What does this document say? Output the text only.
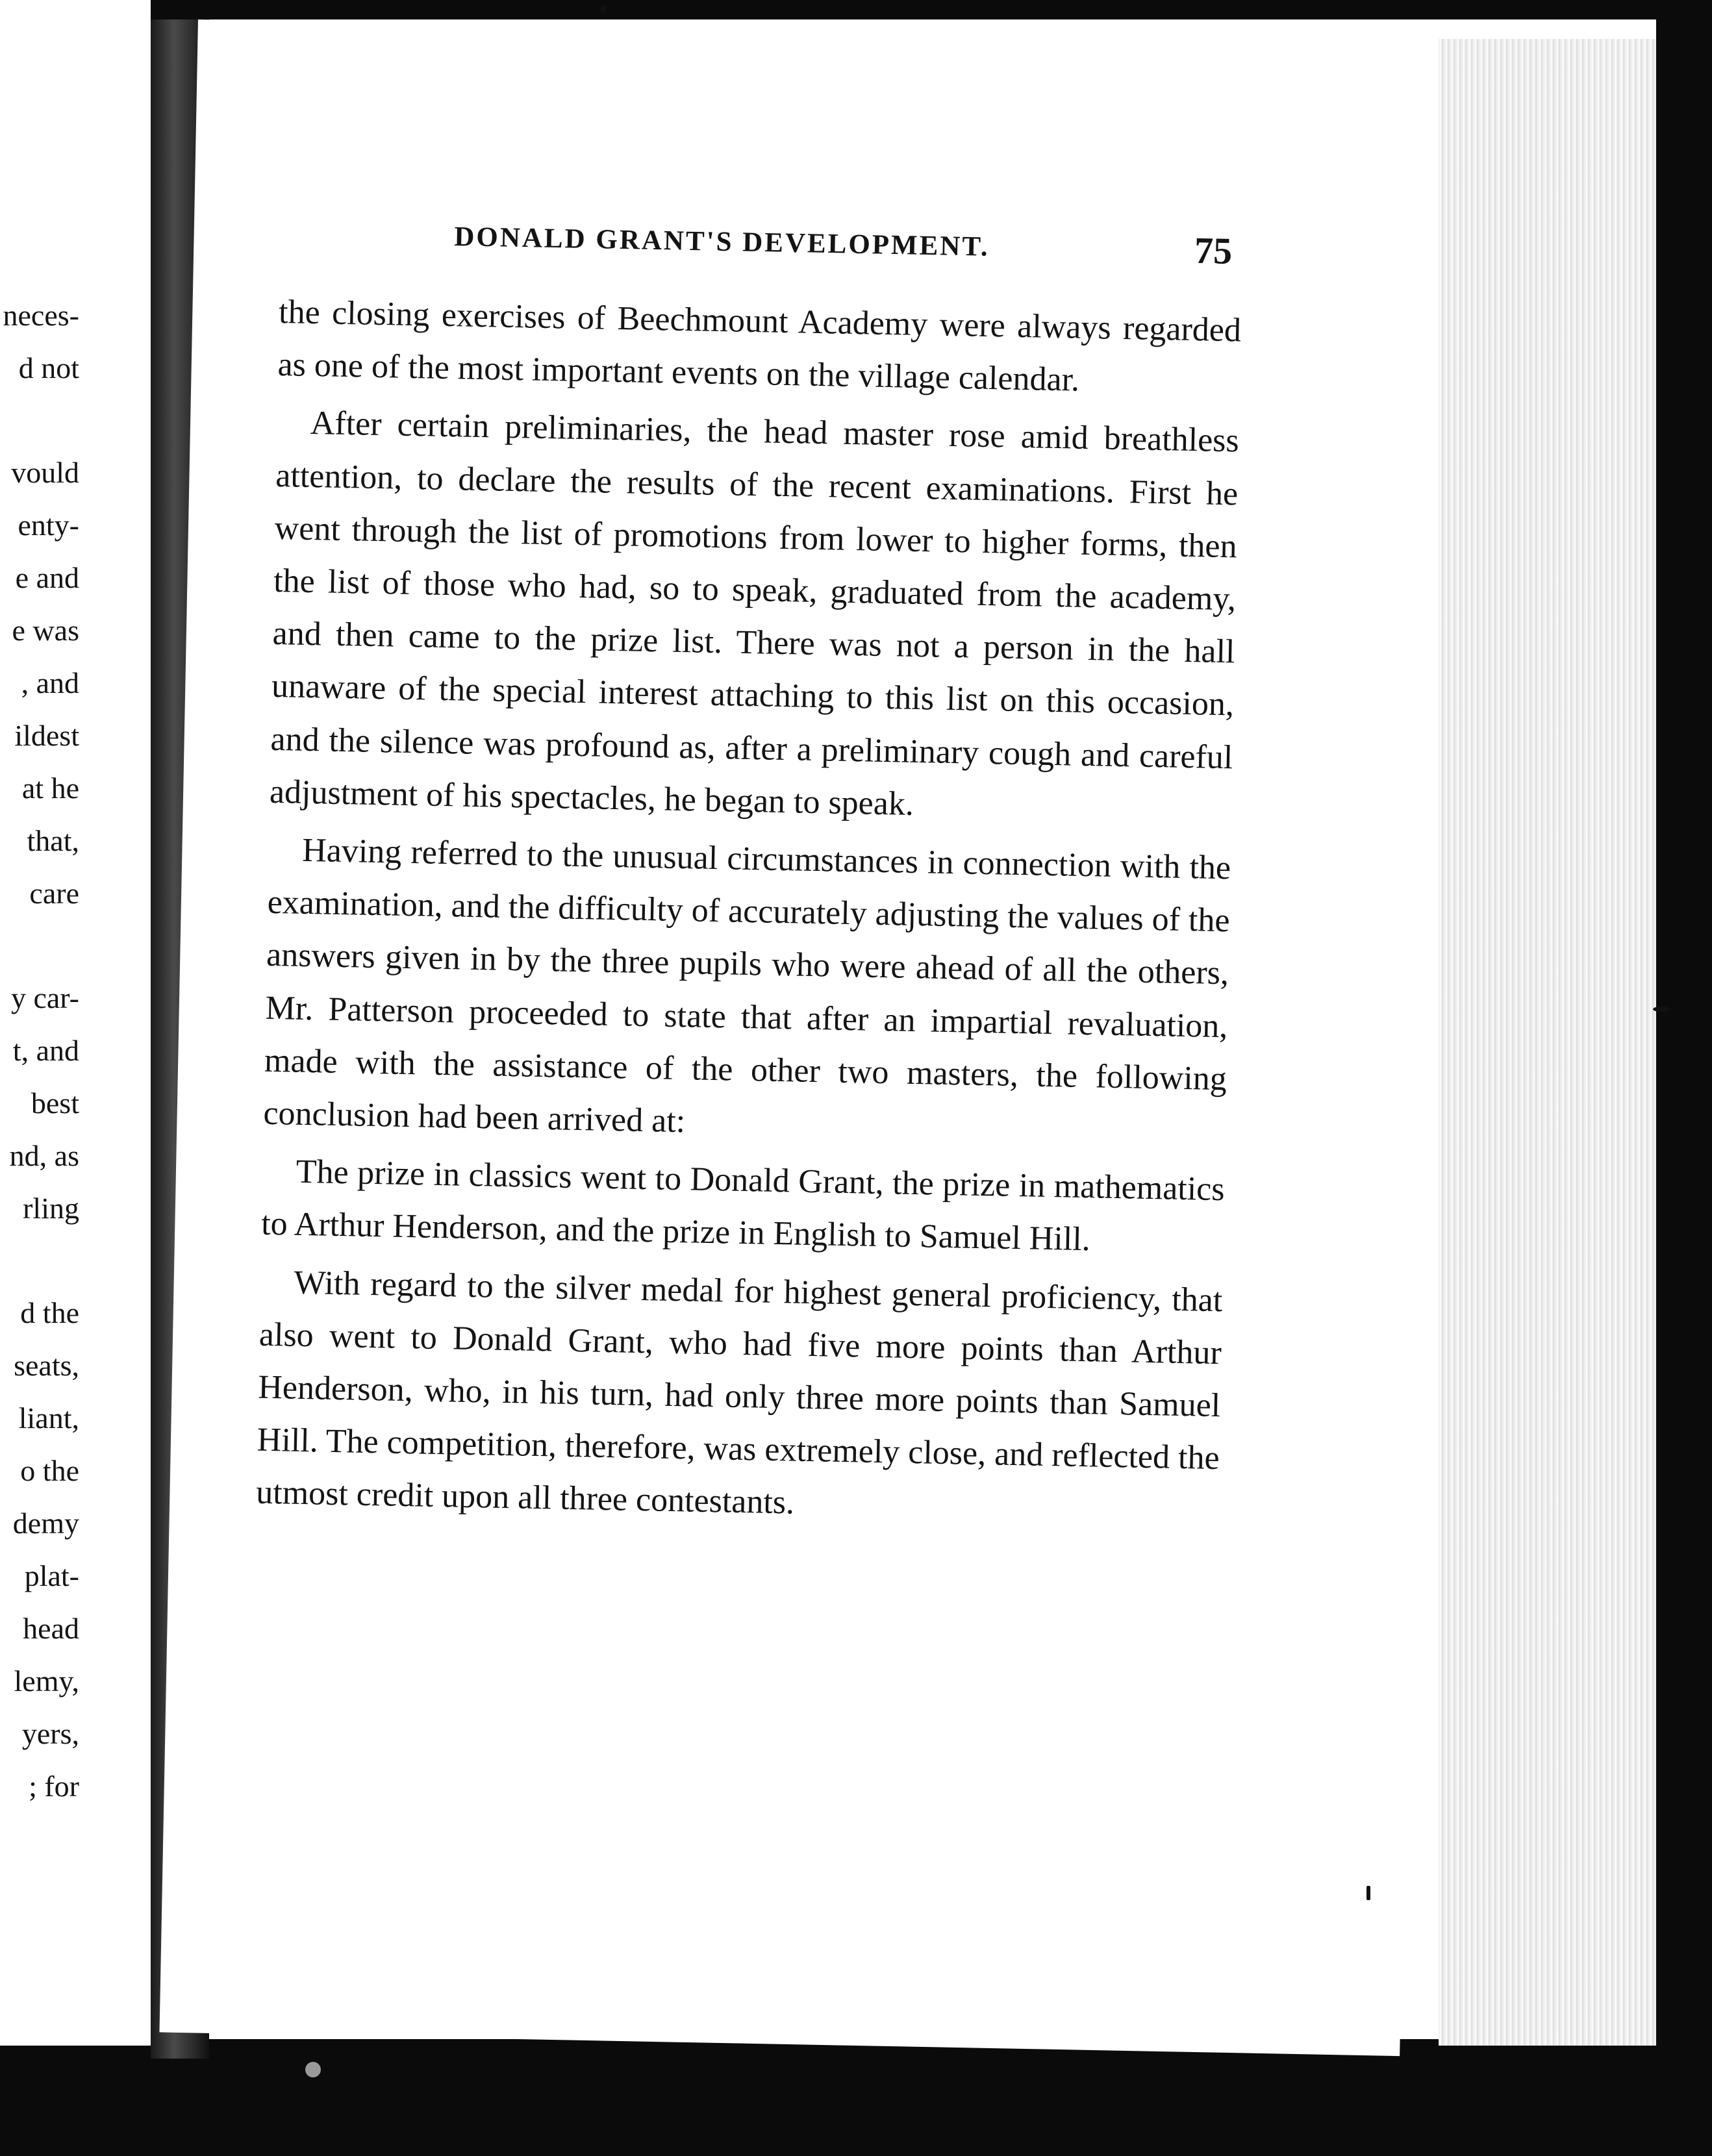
neces-
d not
vould
enty-
e and
e was
, and
ildest
at he
that,
care
y car-
t, and
best
nd, as
rling
d the
seats,
liant,
o the
demy
plat-
head
lemy,
yers,
; for
DONALD GRANT'S DEVELOPMENT.	75

the closing exercises of Beechmount Academy were always regarded as one of the most important events on the village calendar.

After certain preliminaries, the head master rose amid breathless attention, to declare the results of the recent examinations. First he went through the list of promotions from lower to higher forms, then the list of those who had, so to speak, graduated from the academy, and then came to the prize list. There was not a person in the hall unaware of the special interest attaching to this list on this occasion, and the silence was profound as, after a preliminary cough and careful adjustment of his spectacles, he began to speak.

Having referred to the unusual circumstances in connection with the examination, and the difficulty of accurately adjusting the values of the answers given in by the three pupils who were ahead of all the others, Mr. Patterson proceeded to state that after an impartial revaluation, made with the assistance of the other two masters, the following conclusion had been arrived at:

The prize in classics went to Donald Grant, the prize in mathematics to Arthur Henderson, and the prize in English to Samuel Hill.

With regard to the silver medal for highest general proficiency, that also went to Donald Grant, who had five more points than Arthur Henderson, who, in his turn, had only three more points than Samuel Hill. The competition, therefore, was extremely close, and reflected the utmost credit upon all three contestants.
